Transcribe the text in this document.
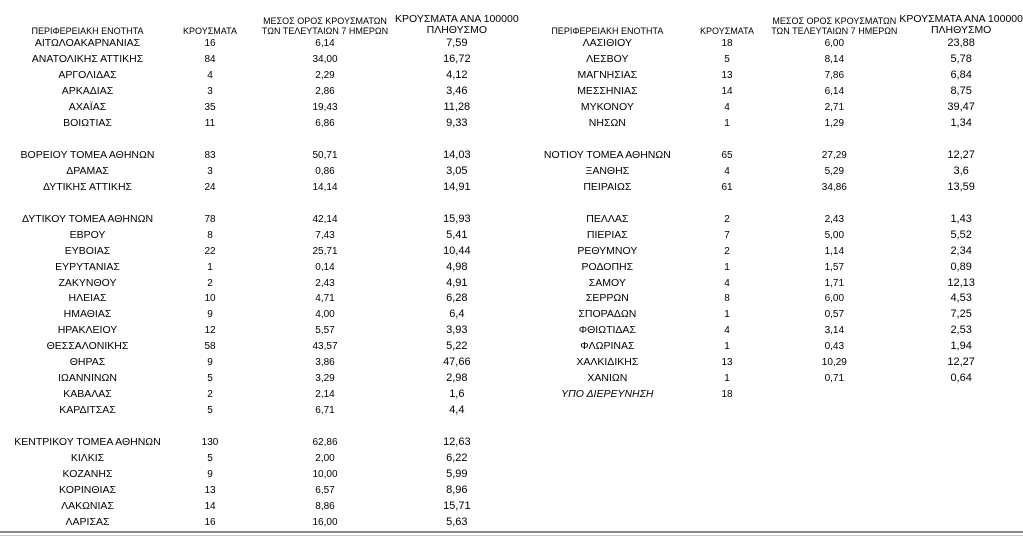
ΠΕΡΙΦΕΡΕΙΑΚΗ ΕΝΟΤΗΤΑ	ΚΡΟΥΣΜΑΤΑ	ΜΕΣΟΣ ΟΡΟΣ ΚΡΟΥΣΜΑΤΩΝ
ΤΩΝ ΤΕΛΕΥΤΑΙΩΝ 7 ΗΜΕΡΩΝ	ΚΡΟΥΣΜΑΤΑ ΑΝΑ 100000
ΠΛΗΘΥΣΜΟ
ΑΙΤΩΛΟΑΚΑΡΝΑΝΙΑΣ	16	6,14	7,59
ΑΝΑΤΟΛΙΚΗΣ ΑΤΤΙΚΗΣ	84	34,00	16,72
ΑΡΓΟΛΙΔΑΣ	4	2,29	4,12
ΑΡΚΑΔΙΑΣ	3	2,86	3,46
ΑΧΑΪΑΣ	35	19,43	11,28
ΒΟΙΩΤΙΑΣ	11	6,86	9,33

ΒΟΡΕΙΟΥ ΤΟΜΕΑ ΑΘΗΝΩΝ	83	50,71	14,03
ΔΡΑΜΑΣ	3	0,86	3,05
ΔΥΤΙΚΗΣ ΑΤΤΙΚΗΣ	24	14,14	14,91

ΔΥΤΙΚΟΥ ΤΟΜΕΑ ΑΘΗΝΩΝ	78	42,14	15,93
ΕΒΡΟΥ	8	7,43	5,41
ΕΥΒΟΙΑΣ	22	25,71	10,44
ΕΥΡΥΤΑΝΙΑΣ	1	0,14	4,98
ΖΑΚΥΝΘΟΥ	2	2,43	4,91
ΗΛΕΙΑΣ	10	4,71	6,28
ΗΜΑΘΙΑΣ	9	4,00	6,4
ΗΡΑΚΛΕΙΟΥ	12	5,57	3,93
ΘΕΣΣΑΛΟΝΙΚΗΣ	58	43,57	5,22
ΘΗΡΑΣ	9	3,86	47,66
ΙΩΑΝΝΙΝΩΝ	5	3,29	2,98
ΚΑΒΑΛΑΣ	2	2,14	1,6
ΚΑΡΔΙΤΣΑΣ	5	6,71	4,4

ΚΕΝΤΡΙΚΟΥ ΤΟΜΕΑ ΑΘΗΝΩΝ	130	62,86	12,63
ΚΙΛΚΙΣ	5	2,00	6,22
ΚΟΖΑΝΗΣ	9	10,00	5,99
ΚΟΡΙΝΘΙΑΣ	13	6,57	8,96
ΛΑΚΩΝΙΑΣ	14	8,86	15,71
ΛΑΡΙΣΑΣ	16	16,00	5,63
ΠΕΡΙΦΕΡΕΙΑΚΗ ΕΝΟΤΗΤΑ	ΚΡΟΥΣΜΑΤΑ	ΜΕΣΟΣ ΟΡΟΣ ΚΡΟΥΣΜΑΤΩΝ
ΤΩΝ ΤΕΛΕΥΤΑΙΩΝ 7 ΗΜΕΡΩΝ	ΚΡΟΥΣΜΑΤΑ ΑΝΑ 100000
ΠΛΗΘΥΣΜΟ
ΛΑΣΙΘΙΟΥ	18	6,00	23,88
ΛΕΣΒΟΥ	5	8,14	5,78
ΜΑΓΝΗΣΙΑΣ	13	7,86	6,84
ΜΕΣΣΗΝΙΑΣ	14	6,14	8,75
ΜΥΚΟΝΟΥ	4	2,71	39,47
ΝΗΣΩΝ	1	1,29	1,34

ΝΟΤΙΟΥ ΤΟΜΕΑ ΑΘΗΝΩΝ	65	27,29	12,27
ΞΑΝΘΗΣ	4	5,29	3,6
ΠΕΙΡΑΙΩΣ	61	34,86	13,59

ΠΕΛΛΑΣ	2	2,43	1,43
ΠΙΕΡΙΑΣ	7	5,00	5,52
ΡΕΘΥΜΝΟΥ	2	1,14	2,34
ΡΟΔΟΠΗΣ	1	1,57	0,89
ΣΑΜΟΥ	4	1,71	12,13
ΣΕΡΡΩΝ	8	6,00	4,53
ΣΠΟΡΑΔΩΝ	1	0,57	7,25
ΦΘΙΩΤΙΔΑΣ	4	3,14	2,53
ΦΛΩΡΙΝΑΣ	1	0,43	1,94
ΧΑΛΚΙΔΙΚΗΣ	13	10,29	12,27
ΧΑΝΙΩΝ	1	0,71	0,64
ΥΠΟ ΔΙΕΡΕΥΝΗΣΗ	18		
